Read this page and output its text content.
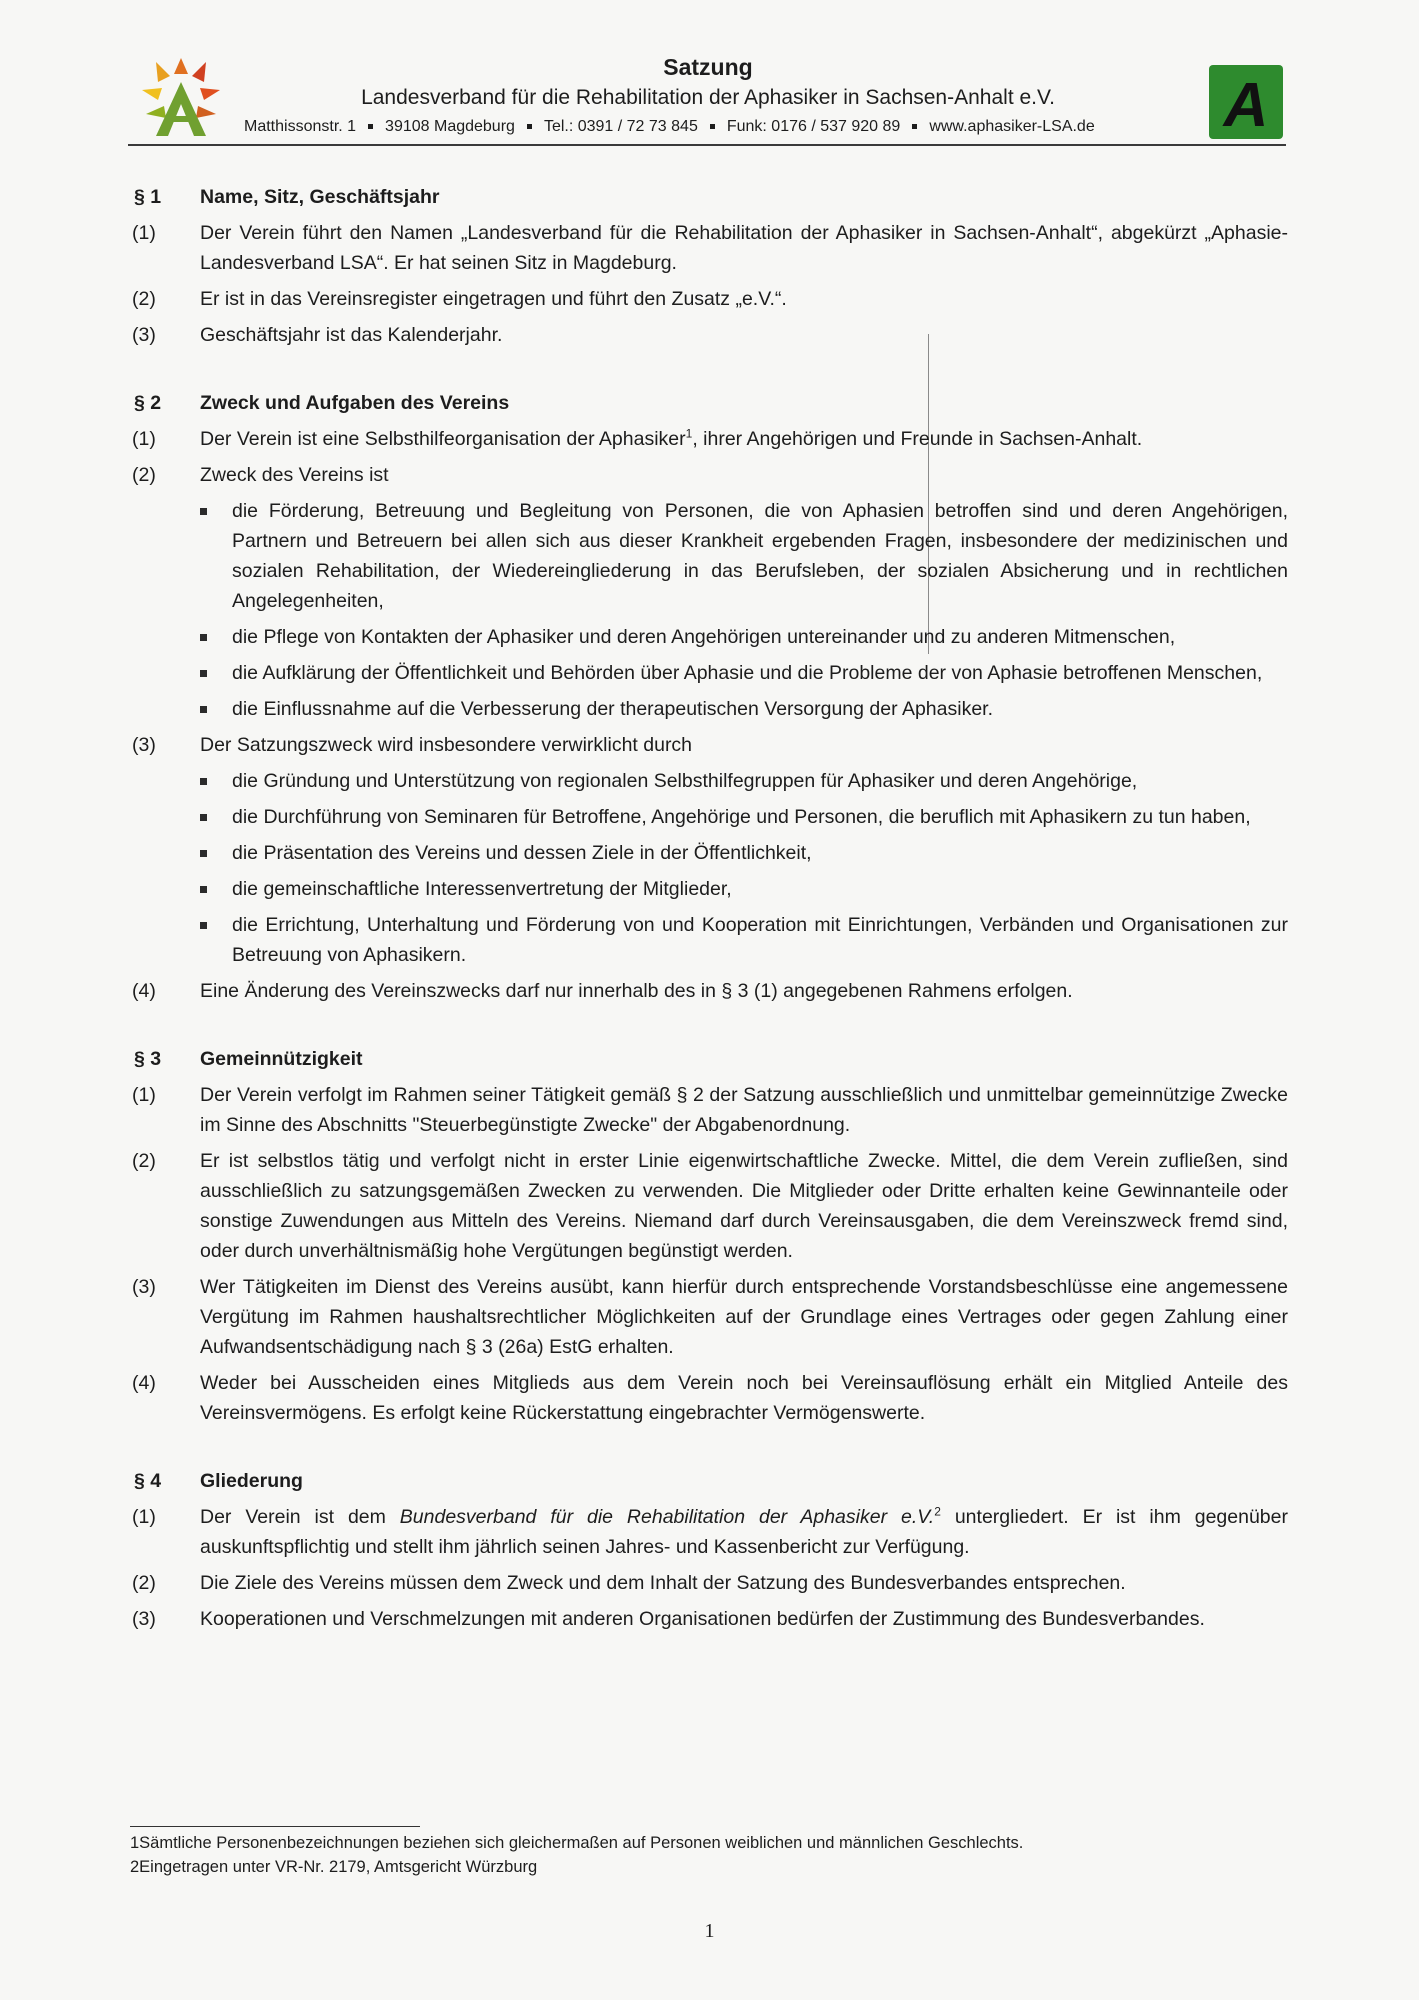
Satzung
Landesverband für die Rehabilitation der Aphasiker in Sachsen-Anhalt e.V.
Matthissonstr. 1 39108 Magdeburg Tel.: 0391 / 72 73 845 Funk: 0176 / 537 920 89 www.aphasiker-LSA.de A
§ 1 Name, Sitz, Geschäftsjahr
(1) Der Verein führt den Namen „Landesverband für die Rehabilitation der Aphasiker in Sachsen-Anhalt“, abgekürzt „Aphasie-Landesverband LSA“. Er hat seinen Sitz in Magdeburg.
(2) Er ist in das Vereinsregister eingetragen und führt den Zusatz „e.V.“.
(3) Geschäftsjahr ist das Kalenderjahr.
§ 2 Zweck und Aufgaben des Vereins
(1) Der Verein ist eine Selbsthilfeorganisation der Aphasiker$^1$, ihrer Angehörigen und Freunde in Sachsen-Anhalt.
(2) Zweck des Vereins ist
die Förderung, Betreuung und Begleitung von Personen, die von Aphasien betroffen sind und deren Angehörigen, Partnern und Betreuern bei allen sich aus dieser Krankheit ergebenden Fragen, insbesondere der medizinischen und sozialen Rehabilitation, der Wiedereingliederung in das Berufsleben, der sozialen Absicherung und in rechtlichen Angelegenheiten,
die Pflege von Kontakten der Aphasiker und deren Angehörigen untereinander und zu anderen Mitmenschen,
die Aufklärung der Öffentlichkeit und Behörden über Aphasie und die Probleme der von Aphasie betroffenen Menschen,
die Einflussnahme auf die Verbesserung der therapeutischen Versorgung der Aphasiker.
(3) Der Satzungszweck wird insbesondere verwirklicht durch
die Gründung und Unterstützung von regionalen Selbsthilfegruppen für Aphasiker und deren Angehörige,
die Durchführung von Seminaren für Betroffene, Angehörige und Personen, die beruflich mit Aphasikern zu tun haben,
die Präsentation des Vereins und dessen Ziele in der Öffentlichkeit,
die gemeinschaftliche Interessenvertretung der Mitglieder,
die Errichtung, Unterhaltung und Förderung von und Kooperation mit Einrichtungen, Verbänden und Organisationen zur Betreuung von Aphasikern.
(4) Eine Änderung des Vereinszwecks darf nur innerhalb des in § 3 (1) angegebenen Rahmens erfolgen.
§ 3 Gemeinnützigkeit
(1) Der Verein verfolgt im Rahmen seiner Tätigkeit gemäß § 2 der Satzung ausschließlich und unmittelbar gemeinnützige Zwecke im Sinne des Abschnitts "Steuerbegünstigte Zwecke" der Abgabenordnung.
(2) Er ist selbstlos tätig und verfolgt nicht in erster Linie eigenwirtschaftliche Zwecke. Mittel, die dem Verein zufließen, sind ausschließlich zu satzungsgemäßen Zwecken zu verwenden. Die Mitglieder oder Dritte erhalten keine Gewinnanteile oder sonstige Zuwendungen aus Mitteln des Vereins. Niemand darf durch Vereinsausgaben, die dem Vereinszweck fremd sind, oder durch unverhältnismäßig hohe Vergütungen begünstigt werden.
(3) Wer Tätigkeiten im Dienst des Vereins ausübt, kann hierfür durch entsprechende Vorstandsbeschlüsse eine angemessene Vergütung im Rahmen haushaltsrechtlicher Möglichkeiten auf der Grundlage eines Vertrages oder gegen Zahlung einer Aufwandsentschädigung nach § 3 (26a) EstG erhalten.
(4) Weder bei Ausscheiden eines Mitglieds aus dem Verein noch bei Vereinsauflösung erhält ein Mitglied Anteile des Vereinsvermögens. Es erfolgt keine Rückerstattung eingebrachter Vermögenswerte.
§ 4 Gliederung
(1) Der Verein ist dem Bundesverband für die Rehabilitation der Aphasiker e.V.$^2$ untergliedert. Er ist ihm gegenüber auskunftspflichtig und stellt ihm jährlich seinen Jahres- und Kassenbericht zur Verfügung.
(2) Die Ziele des Vereins müssen dem Zweck und dem Inhalt der Satzung des Bundesverbandes entsprechen.
(3) Kooperationen und Verschmelzungen mit anderen Organisationen bedürfen der Zustimmung des Bundesverbandes.
1Sämtliche Personenbezeichnungen beziehen sich gleichermaßen auf Personen weiblichen und männlichen Geschlechts.
2Eingetragen unter VR-Nr. 2179, Amtsgericht Würzburg
1
